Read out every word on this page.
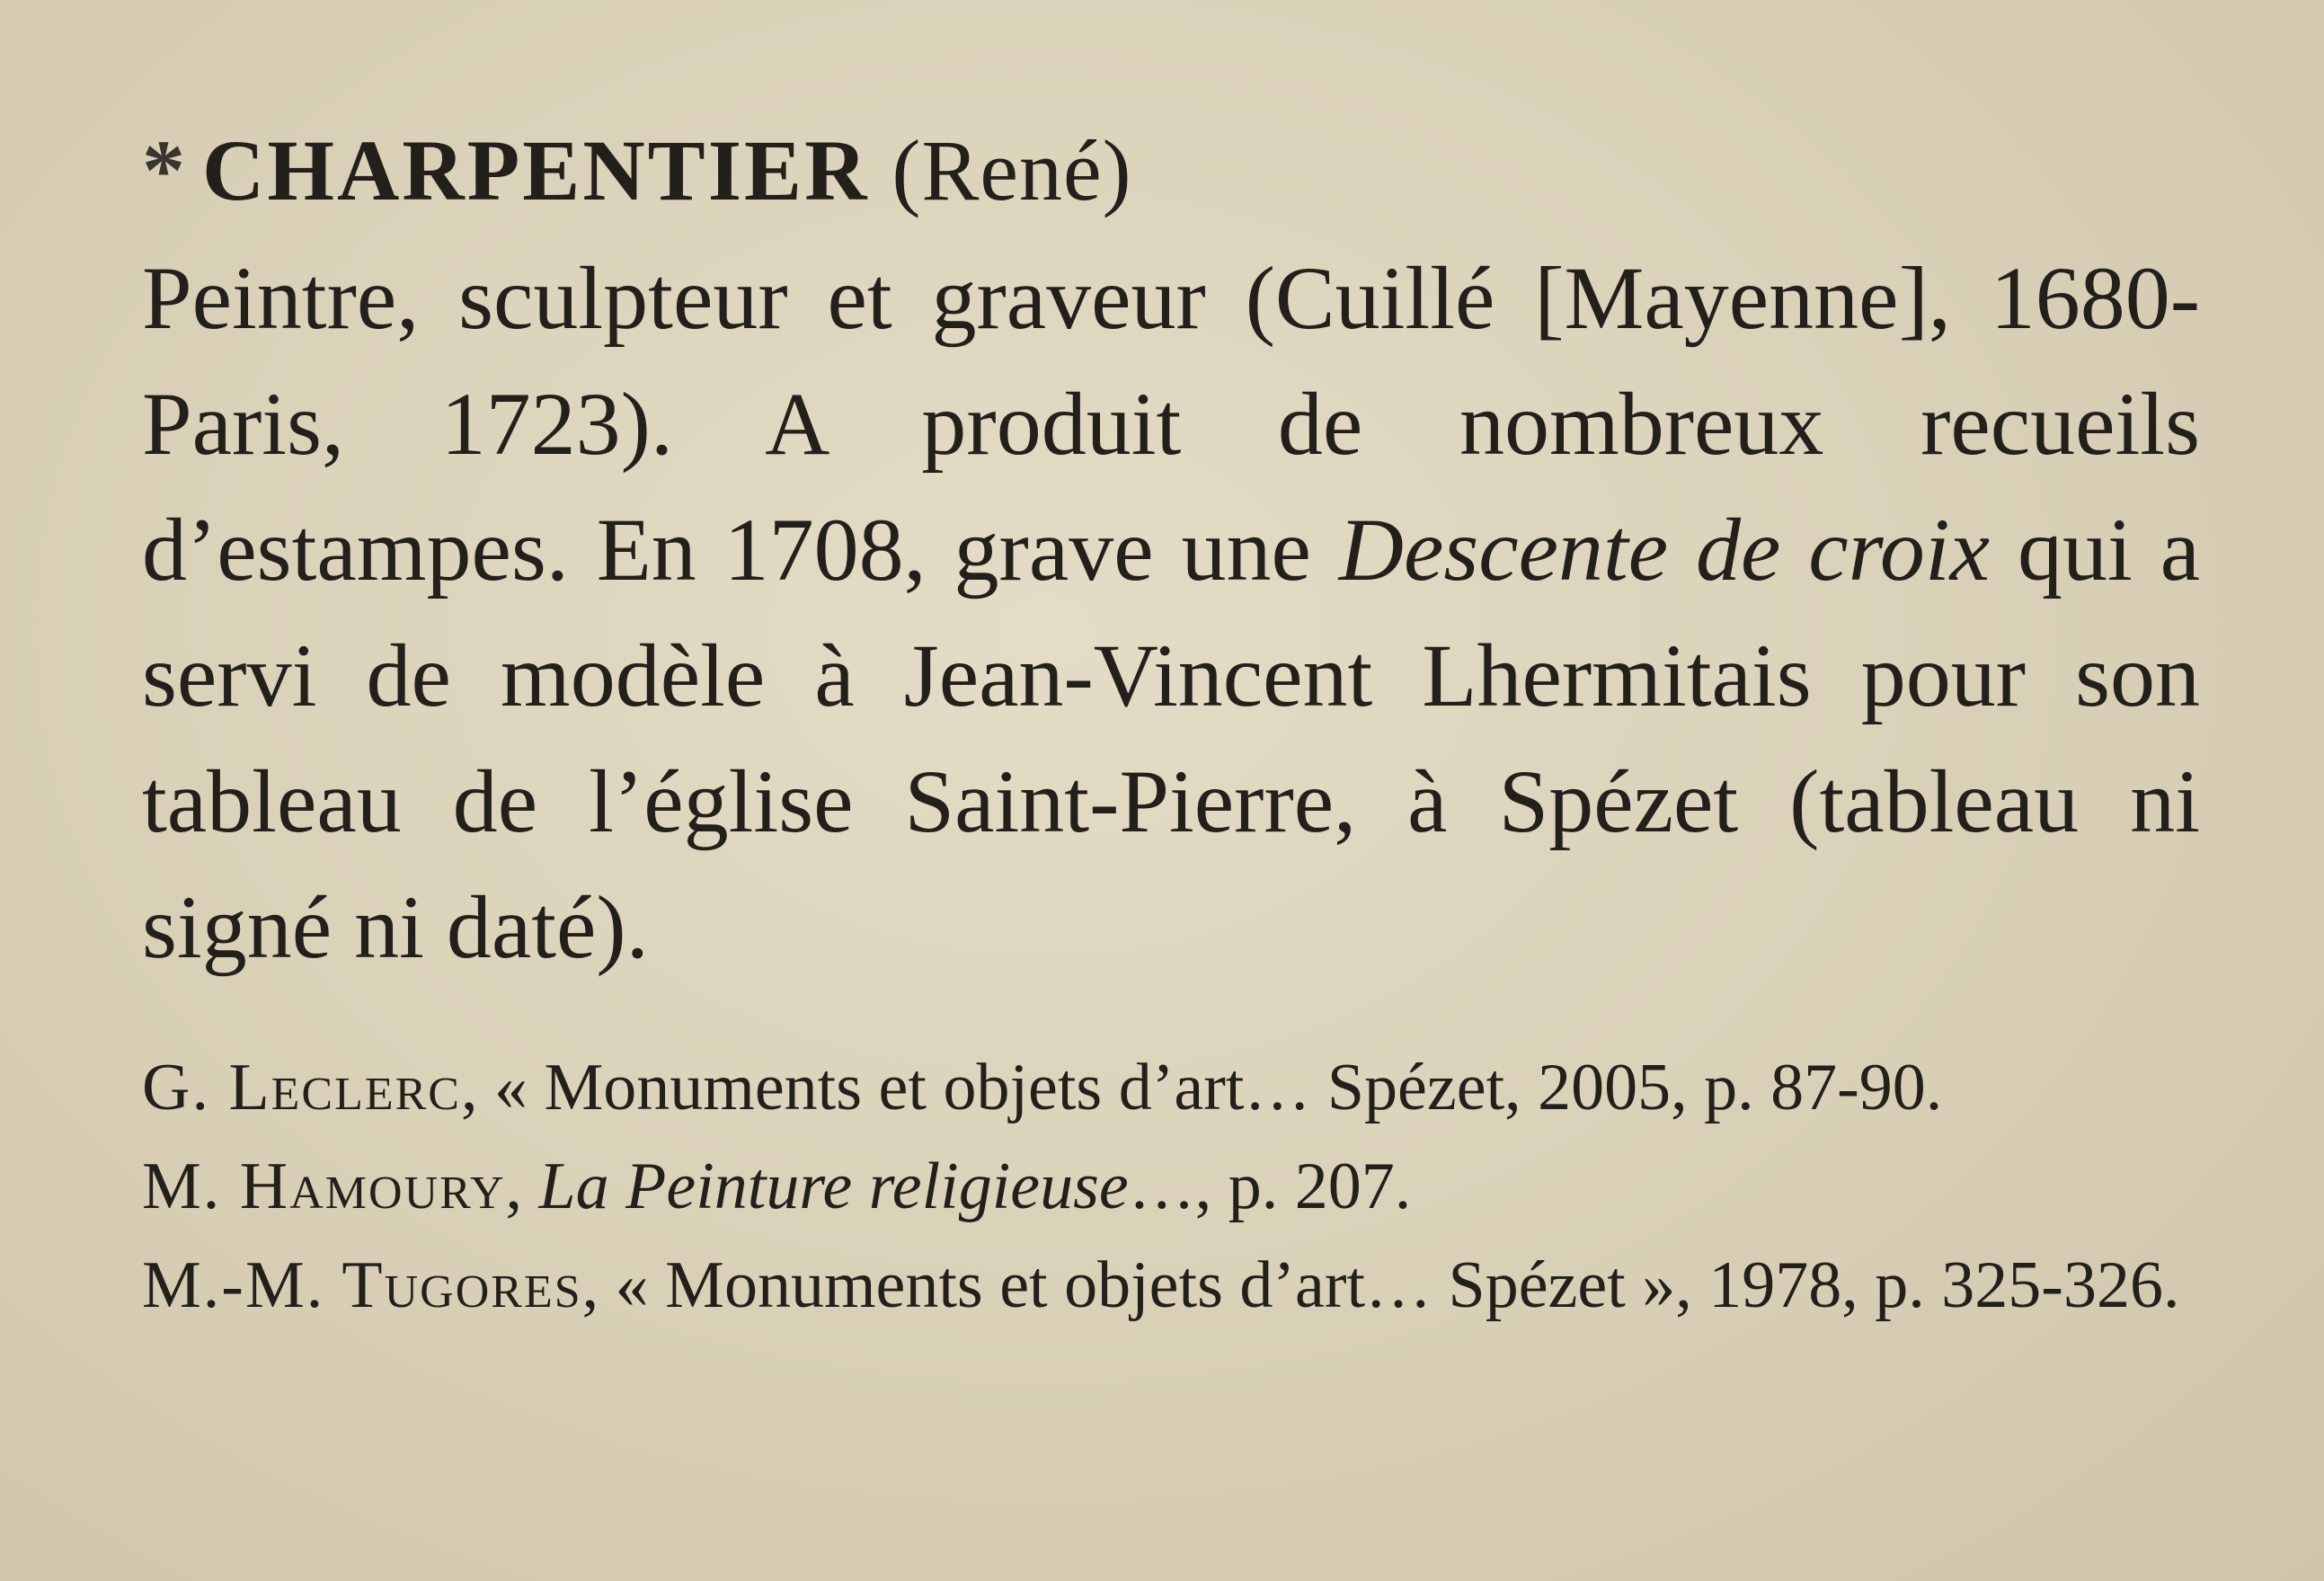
* CHARPENTIER (René)

Peintre, sculpteur et graveur (Cuillé [Mayenne], 1680-Paris, 1723). A produit de nombreux recueils d’estampes. En 1708, grave une Descente de croix qui a servi de modèle à Jean-Vincent Lhermitais pour son tableau de l’église Saint-Pierre, à Spézet (tableau ni signé ni daté).

G. Leclerc, « Monuments et objets d’art… Spézet, 2005, p. 87-90.

M. Hamoury, La Peinture religieuse…, p. 207.

M.-M. Tugores, « Monuments et objets d’art… Spézet », 1978, p. 325-326.
